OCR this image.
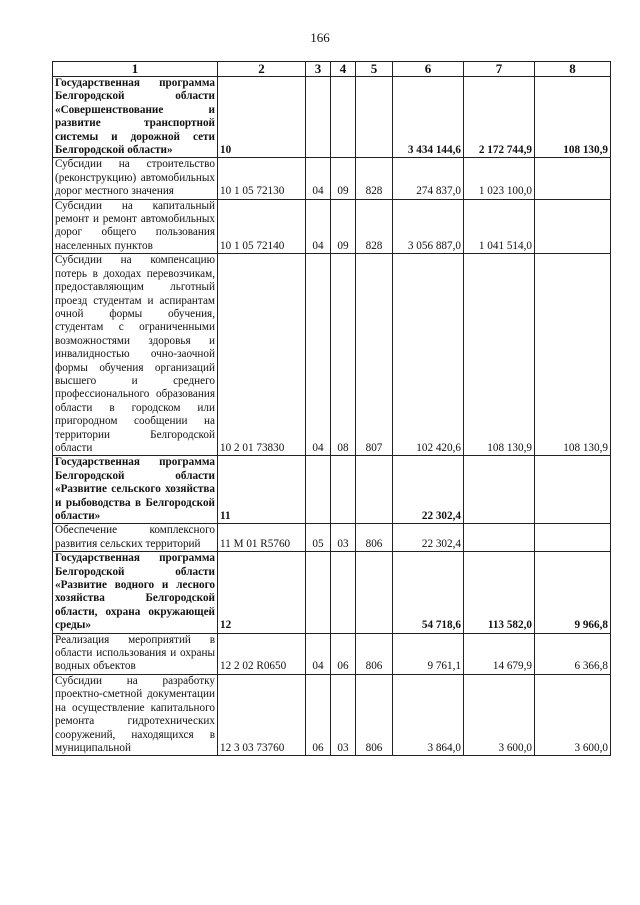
166
1	2	3	4	5	6	7	8
Государственная программа Белгородской области «Совершенствование и развитие транспортной системы и дорожной сети Белгородской области»	10				3 434 144,6	2 172 744,9	108 130,9
Субсидии на строительство (реконструкцию) автомобильных дорог местного значения	10 1 05 72130	04	09	828	274 837,0	1 023 100,0	
Субсидии на капитальный ремонт и ремонт автомобильных дорог общего пользования населенных пунктов	10 1 05 72140	04	09	828	3 056 887,0	1 041 514,0	
Субсидии на компенсацию потерь в доходах перевозчикам, предоставляющим льготный проезд студентам и аспирантам очной формы обучения, студентам с ограниченными возможностями здоровья и инвалидностью очно-заочной формы обучения организаций высшего и среднего профессионального образования области в городском или пригородном сообщении на территории Белгородской области	10 2 01 73830	04	08	807	102 420,6	108 130,9	108 130,9
Государственная программа Белгородской области «Развитие сельского хозяйства и рыбоводства в Белгородской области»	11				22 302,4		
Обеспечение комплексного развития сельских территорий	11 М 01 R5760	05	03	806	22 302,4		
Государственная программа Белгородской области «Развитие водного и лесного хозяйства Белгородской области, охрана окружающей среды»	12				54 718,6	113 582,0	9 966,8
Реализация мероприятий в области использования и охраны водных объектов	12 2 02 R0650	04	06	806	9 761,1	14 679,9	6 366,8
Субсидии на разработку проектно-сметной документации на осуществление капитального ремонта гидротехнических сооружений, находящихся в муниципальной	12 3 03 73760	06	03	806	3 864,0	3 600,0	3 600,0
